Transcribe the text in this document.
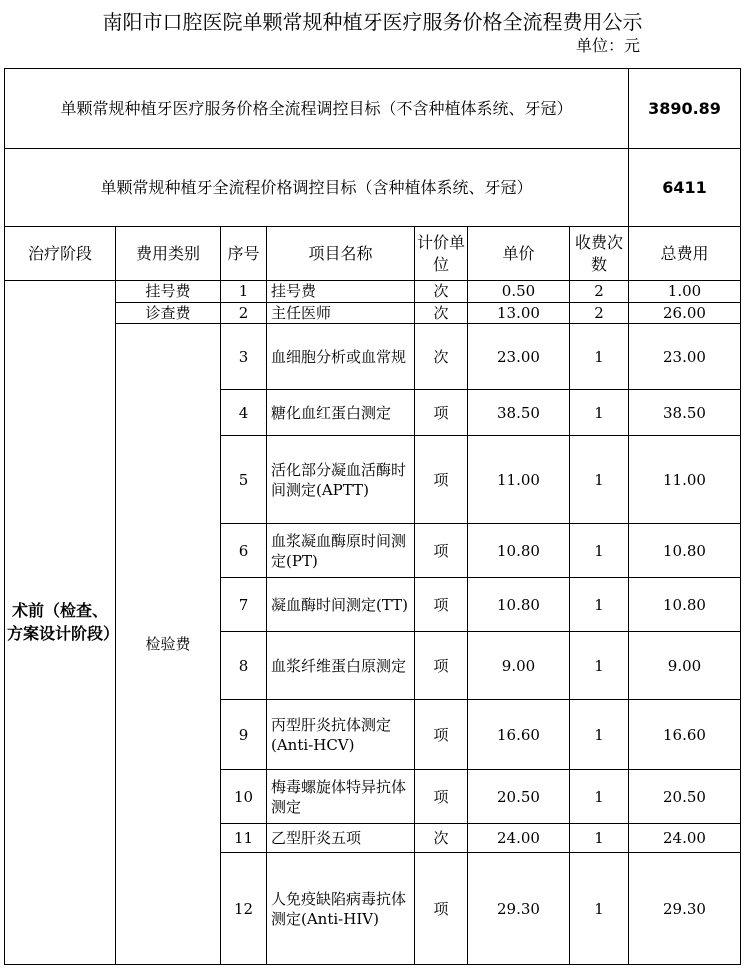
南阳市口腔医院单颗常规种植牙医疗服务价格全流程费用公示
单位：元
单颗常规种植牙医疗服务价格全流程调控目标（不含种植体系统、牙冠）							3890.89
单颗常规种植牙全流程价格调控目标（含种植体系统、牙冠）							6411
治疗阶段	费用类别	序号	项目名称	计价单位	单价	收费次数	总费用
术前（检查、方案设计阶段）	挂号费	1	挂号费	次	0.50	2	1.00
	诊查费	2	主任医师	次	13.00	2	26.00
	检验费	3	血细胞分析或血常规	次	23.00	1	23.00
		4	糖化血红蛋白测定	项	38.50	1	38.50
		5	活化部分凝血活酶时间测定(APTT)	项	11.00	1	11.00
		6	血浆凝血酶原时间测定(PT)	项	10.80	1	10.80
		7	凝血酶时间测定(TT)	项	10.80	1	10.80
		8	血浆纤维蛋白原测定	项	9.00	1	9.00
		9	丙型肝炎抗体测定(Anti-HCV)	项	16.60	1	16.60
		10	梅毒螺旋体特异抗体测定	项	20.50	1	20.50
		11	乙型肝炎五项	次	24.00	1	24.00
		12	人免疫缺陷病毒抗体测定(Anti-HIV)	项	29.30	1	29.30
